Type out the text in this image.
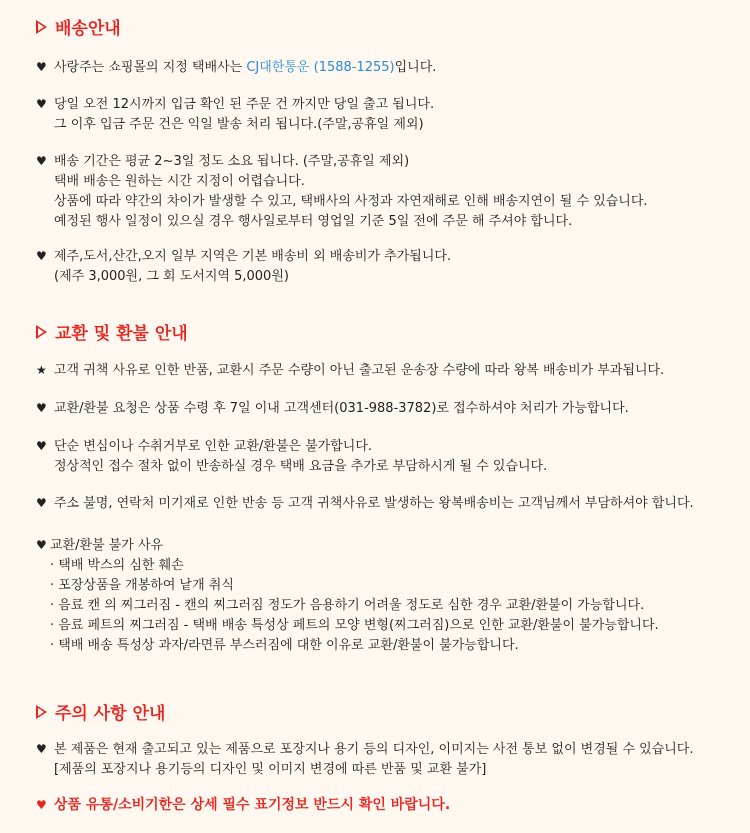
배송안내
♥ 사랑주는 쇼핑몰의 지정 택배사는 CJ대한통운 (1588-1255)입니다.
♥ 당일 오전 12시까지 입금 확인 된 주문 건 까지만 당일 출고 됩니다.
그 이후 입금 주문 건은 익일 발송 처리 됩니다.(주말,공휴일 제외)
♥ 배송 기간은 평균 2~3일 정도 소요 됩니다. (주말,공휴일 제외)
택배 배송은 원하는 시간 지정이 어렵습니다.
상품에 따라 약간의 차이가 발생할 수 있고, 택배사의 사정과 자연재해로 인해 배송지연이 될 수 있습니다.
예정된 행사 일정이 있으실 경우 행사일로부터 영업일 기준 5일 전에 주문 해 주셔야 합니다.
♥ 제주,도서,산간,오지 일부 지역은 기본 배송비 외 배송비가 추가됩니다.
(제주 3,000원, 그 회 도서지역 5,000원)
교환 및 환불 안내
★ 고객 귀책 사유로 인한 반품, 교환시 주문 수량이 아닌 출고된 운송장 수량에 따라 왕복 배송비가 부과됩니다.
♥ 교환/환불 요청은 상품 수령 후 7일 이내 고객센터(031-988-3782)로 접수하셔야 처리가 가능합니다.
♥ 단순 변심이나 수취거부로 인한 교환/환불은 불가합니다.
정상적인 접수 절차 없이 반송하실 경우 택배 요금을 추가로 부담하시게 될 수 있습니다.
♥ 주소 불명, 연락처 미기재로 인한 반송 등 고객 귀책사유로 발생하는 왕복배송비는 고객님께서 부담하셔야 합니다.
♥ 교환/환불 불가 사유
· 택배 박스의 심한 훼손
· 포장상품을 개봉하여 낱개 취식
· 음료 캔 의 찌그러짐 - 캔의 찌그러짐 정도가 음용하기 어려울 정도로 심한 경우 교환/환불이 가능합니다.
· 음료 페트의 찌그러짐 - 택배 배송 특성상 페트의 모양 변형(찌그러짐)으로 인한 교환/환불이 불가능합니다.
· 택배 배송 특성상 과자/라면류 부스러짐에 대한 이유로 교환/환불이 불가능합니다.
주의 사항 안내
♥ 본 제품은 현재 출고되고 있는 제품으로 포장지나 용기 등의 디자인, 이미지는 사전 통보 없이 변경될 수 있습니다.
[제품의 포장지나 용기등의 디자인 및 이미지 변경에 따른 반품 및 교환 불가]
♥ 상품 유통/소비기한은 상세 필수 표기정보 반드시 확인 바랍니다.
